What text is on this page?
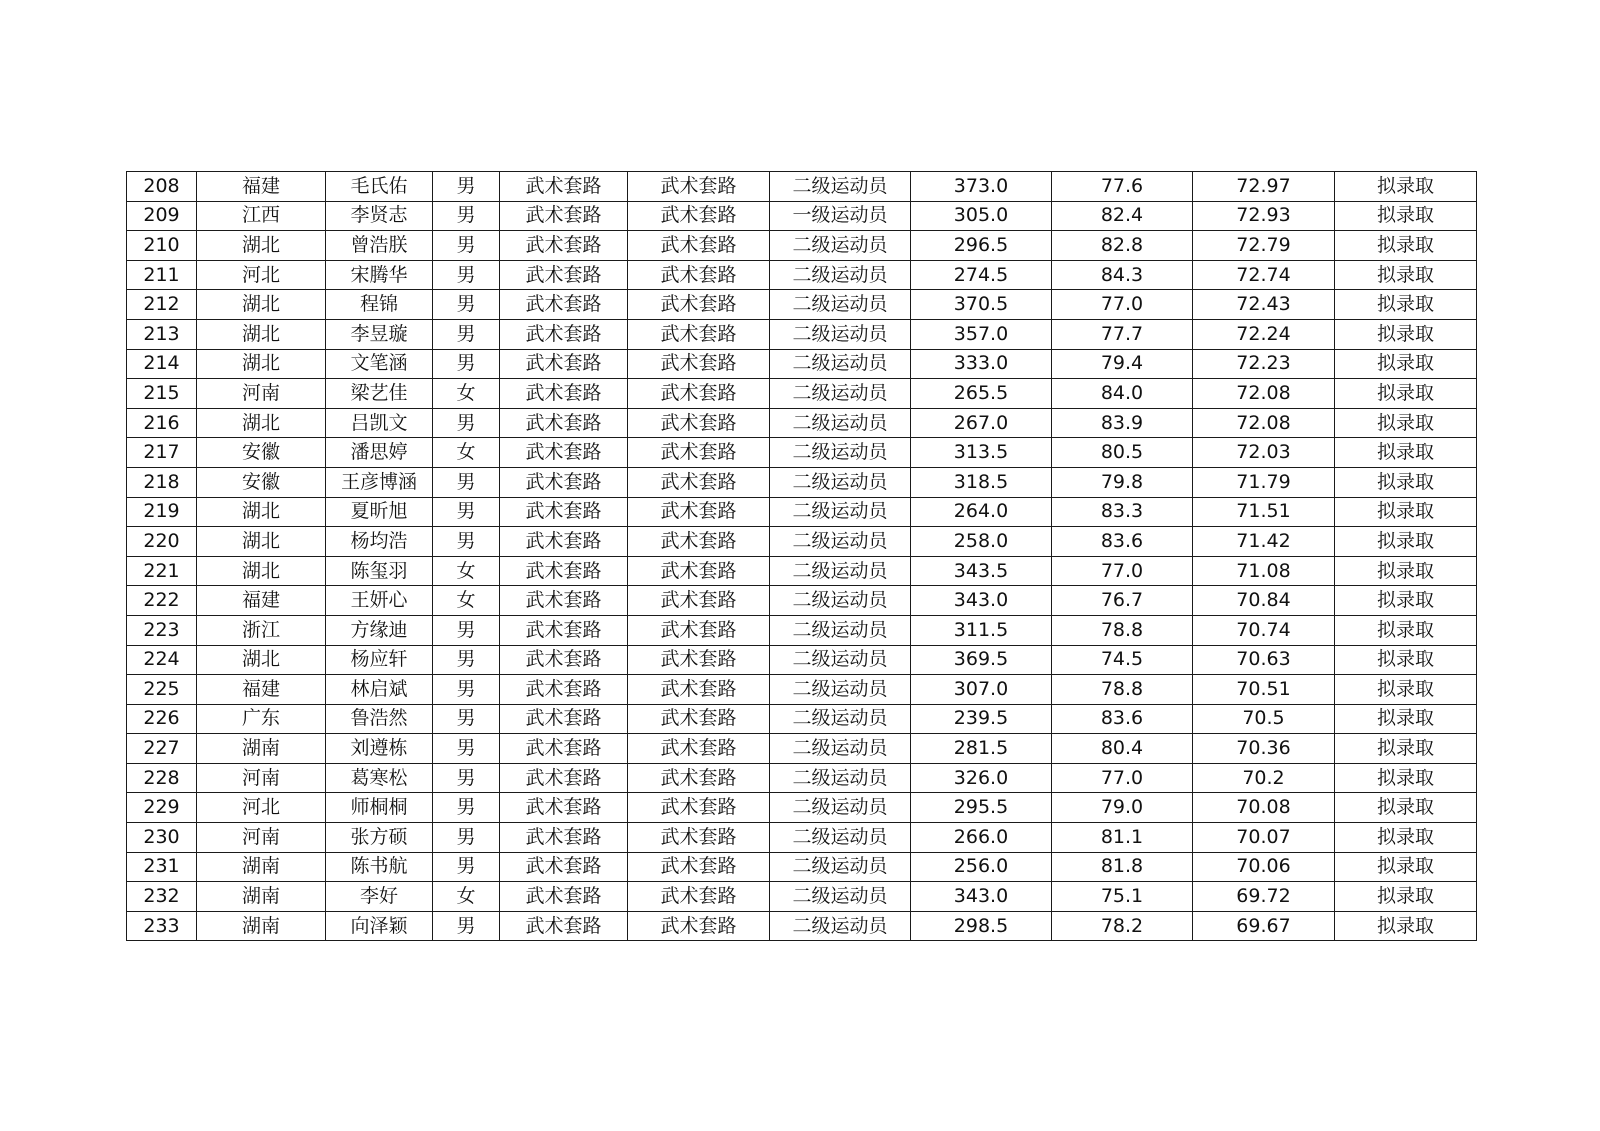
208	福建	毛氏佑	男	武术套路	武术套路	二级运动员	373.0	77.6	72.97	拟录取
209	江西	李贤志	男	武术套路	武术套路	一级运动员	305.0	82.4	72.93	拟录取
210	湖北	曾浩朕	男	武术套路	武术套路	二级运动员	296.5	82.8	72.79	拟录取
211	河北	宋腾华	男	武术套路	武术套路	二级运动员	274.5	84.3	72.74	拟录取
212	湖北	程锦	男	武术套路	武术套路	二级运动员	370.5	77.0	72.43	拟录取
213	湖北	李昱璇	男	武术套路	武术套路	二级运动员	357.0	77.7	72.24	拟录取
214	湖北	文笔涵	男	武术套路	武术套路	二级运动员	333.0	79.4	72.23	拟录取
215	河南	梁艺佳	女	武术套路	武术套路	二级运动员	265.5	84.0	72.08	拟录取
216	湖北	吕凯文	男	武术套路	武术套路	二级运动员	267.0	83.9	72.08	拟录取
217	安徽	潘思婷	女	武术套路	武术套路	二级运动员	313.5	80.5	72.03	拟录取
218	安徽	王彦博涵	男	武术套路	武术套路	二级运动员	318.5	79.8	71.79	拟录取
219	湖北	夏昕旭	男	武术套路	武术套路	二级运动员	264.0	83.3	71.51	拟录取
220	湖北	杨均浩	男	武术套路	武术套路	二级运动员	258.0	83.6	71.42	拟录取
221	湖北	陈玺羽	女	武术套路	武术套路	二级运动员	343.5	77.0	71.08	拟录取
222	福建	王妍心	女	武术套路	武术套路	二级运动员	343.0	76.7	70.84	拟录取
223	浙江	方缘迪	男	武术套路	武术套路	二级运动员	311.5	78.8	70.74	拟录取
224	湖北	杨应轩	男	武术套路	武术套路	二级运动员	369.5	74.5	70.63	拟录取
225	福建	林启斌	男	武术套路	武术套路	二级运动员	307.0	78.8	70.51	拟录取
226	广东	鲁浩然	男	武术套路	武术套路	二级运动员	239.5	83.6	70.5	拟录取
227	湖南	刘遵栋	男	武术套路	武术套路	二级运动员	281.5	80.4	70.36	拟录取
228	河南	葛寒松	男	武术套路	武术套路	二级运动员	326.0	77.0	70.2	拟录取
229	河北	师桐桐	男	武术套路	武术套路	二级运动员	295.5	79.0	70.08	拟录取
230	河南	张方硕	男	武术套路	武术套路	二级运动员	266.0	81.1	70.07	拟录取
231	湖南	陈书航	男	武术套路	武术套路	二级运动员	256.0	81.8	70.06	拟录取
232	湖南	李好	女	武术套路	武术套路	二级运动员	343.0	75.1	69.72	拟录取
233	湖南	向泽颖	男	武术套路	武术套路	二级运动员	298.5	78.2	69.67	拟录取
